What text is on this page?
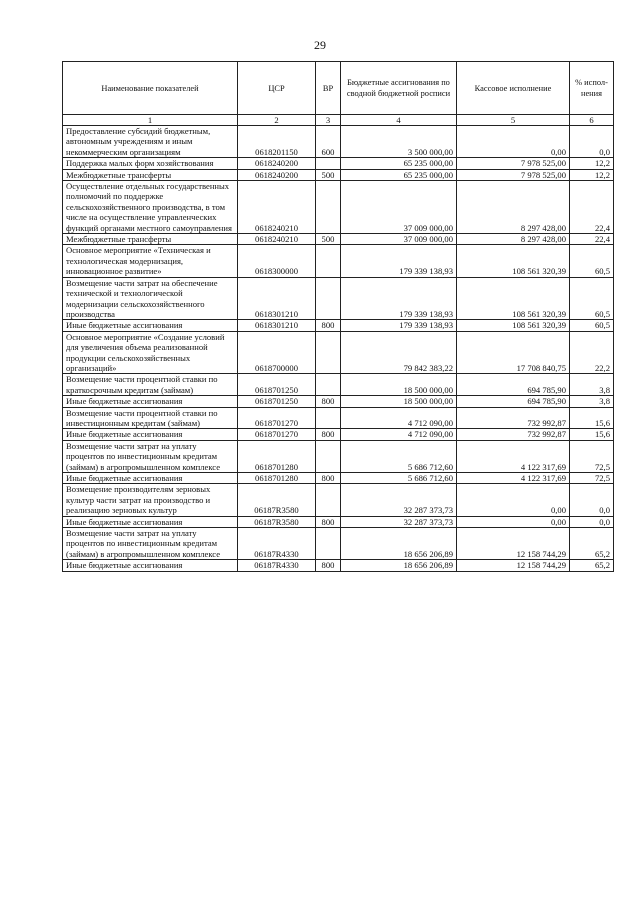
29
Наименование показателей	ЦСР	ВР	Бюджетные ассигнования по сводной бюджетной росписи	Кассовое исполнение	% испол-нения
1	2	3	4	5	6
Предоставление субсидий бюджетным, автономным учреждениям и иным некоммерческим организациям	0618201150	600	3 500 000,00	0,00	0,0
Поддержка малых форм хозяйствования	0618240200		65 235 000,00	7 978 525,00	12,2
Межбюджетные трансферты	0618240200	500	65 235 000,00	7 978 525,00	12,2
Осуществление отдельных государственных полномочий по поддержке сельскохозяйственного производства, в том числе на осуществление управленческих функций органами местного самоуправления	0618240210		37 009 000,00	8 297 428,00	22,4
Межбюджетные трансферты	0618240210	500	37 009 000,00	8 297 428,00	22,4
Основное мероприятие «Техническая и технологическая модернизация, инновационное развитие»	0618300000		179 339 138,93	108 561 320,39	60,5
Возмещение части затрат на обеспечение технической и технологической модернизации сельскохозяйственного производства	0618301210		179 339 138,93	108 561 320,39	60,5
Иные бюджетные ассигнования	0618301210	800	179 339 138,93	108 561 320,39	60,5
Основное мероприятие «Создание условий для увеличения объема реализованной продукции сельскохозяйственных организаций»	0618700000		79 842 383,22	17 708 840,75	22,2
Возмещение части процентной ставки по краткосрочным кредитам (займам)	0618701250		18 500 000,00	694 785,90	3,8
Иные бюджетные ассигнования	0618701250	800	18 500 000,00	694 785,90	3,8
Возмещение части процентной ставки по инвестиционным кредитам (займам)	0618701270		4 712 090,00	732 992,87	15,6
Иные бюджетные ассигнования	0618701270	800	4 712 090,00	732 992,87	15,6
Возмещение части затрат на уплату процентов по инвестиционным кредитам (займам) в агропромышленном комплексе	0618701280		5 686 712,60	4 122 317,69	72,5
Иные бюджетные ассигнования	0618701280	800	5 686 712,60	4 122 317,69	72,5
Возмещение производителям зерновых культур части затрат на производство и реализацию зерновых культур	06187R3580		32 287 373,73	0,00	0,0
Иные бюджетные ассигнования	06187R3580	800	32 287 373,73	0,00	0,0
Возмещение части затрат на уплату процентов по инвестиционным кредитам (займам) в агропромышленном комплексе	06187R4330		18 656 206,89	12 158 744,29	65,2
Иные бюджетные ассигнования	06187R4330	800	18 656 206,89	12 158 744,29	65,2
